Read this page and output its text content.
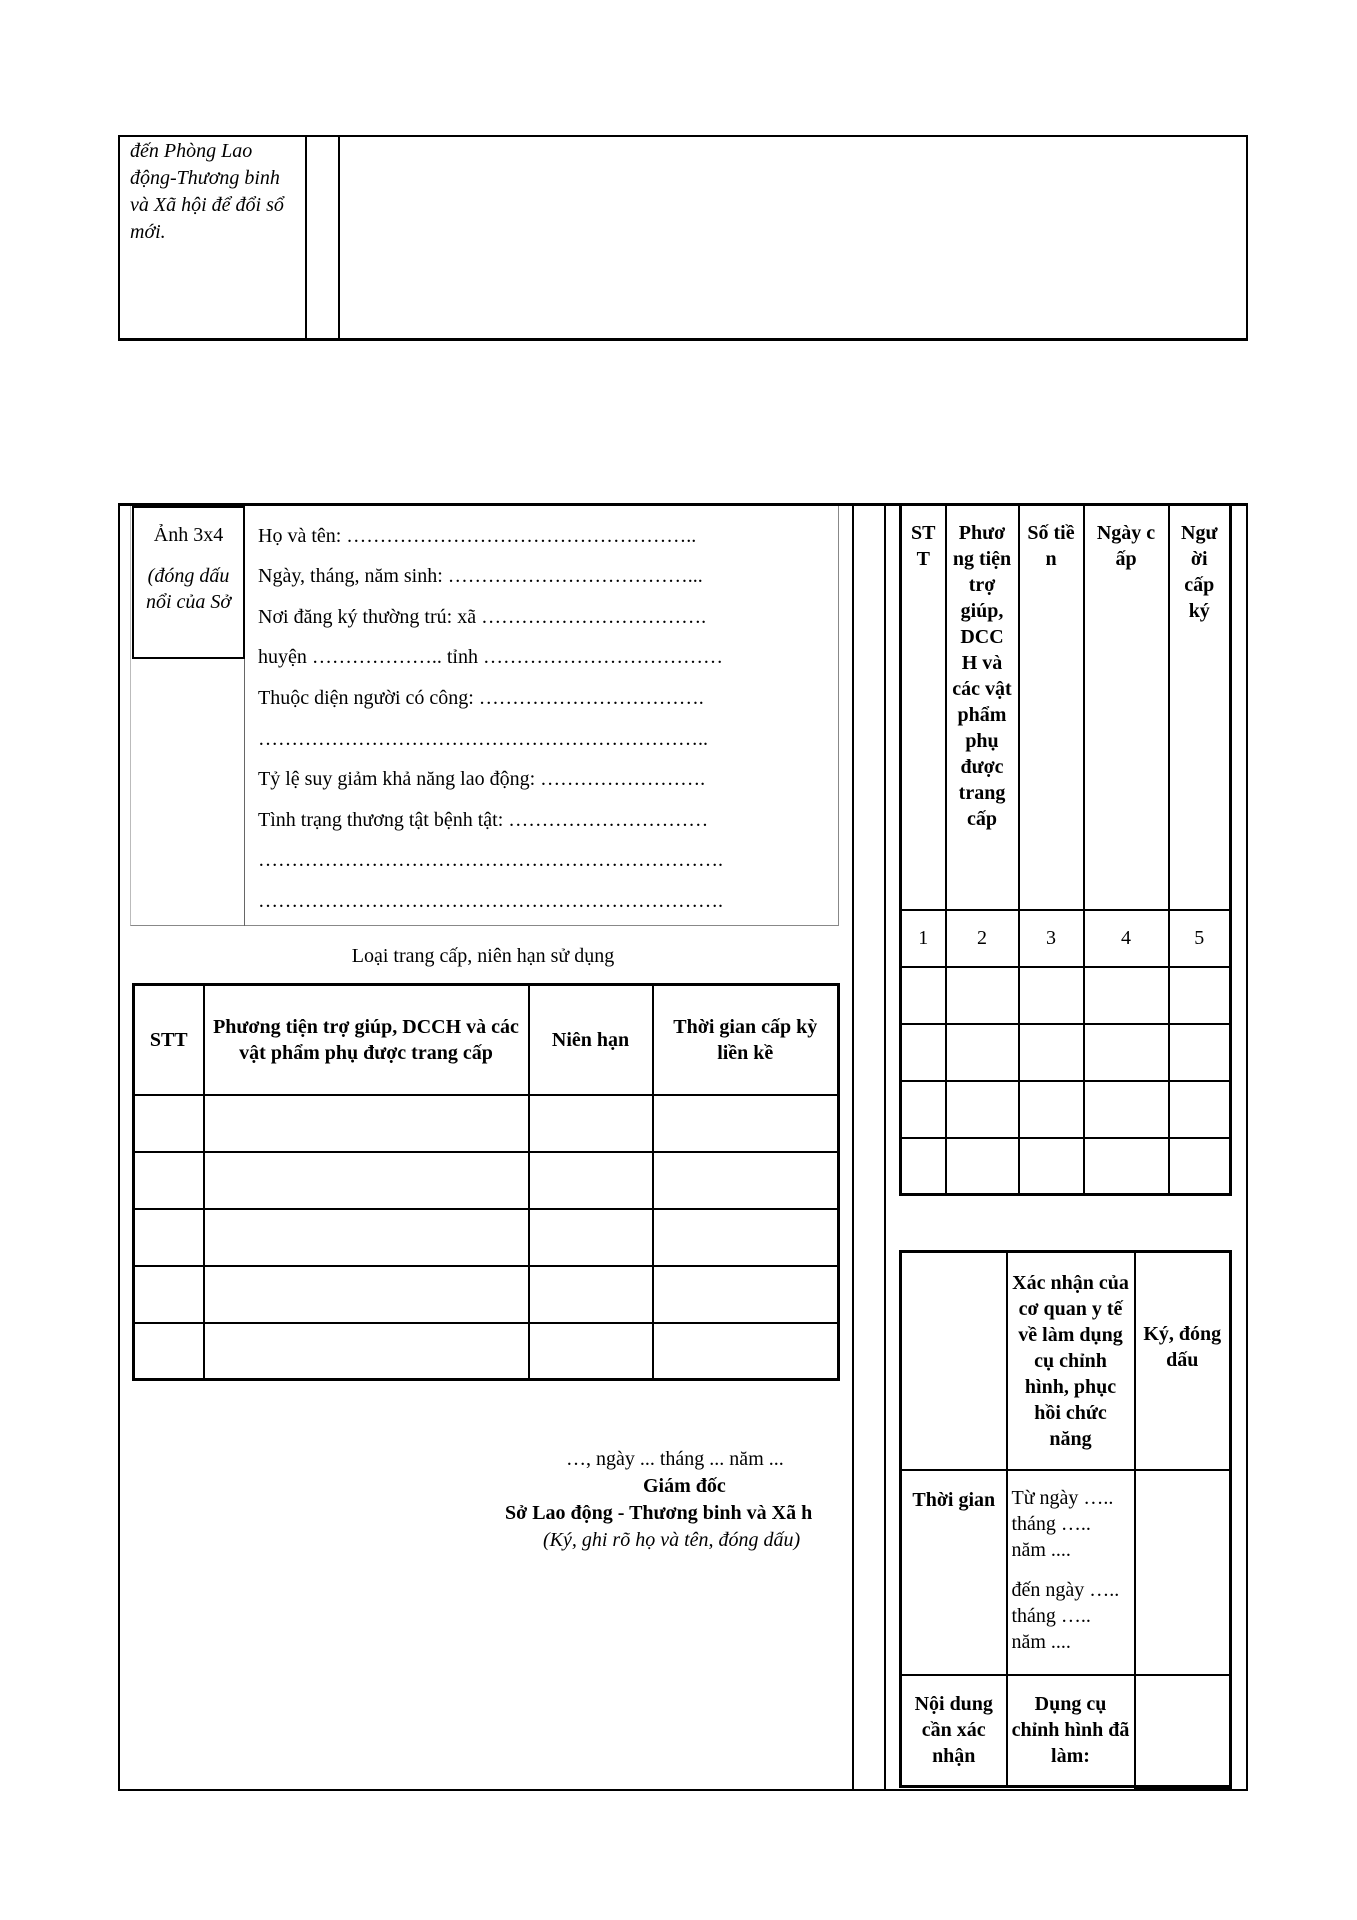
đến Phòng Lao động-Thương binh và Xã hội để đổi sổ mới.
Ảnh 3x4
(đóng dấu nổi của Sở
Họ và tên: ……………………………………………..
Ngày, tháng, năm sinh: ………………………………...
Nơi đăng ký thường trú: xã …………………………….
huyện ……………….. tỉnh ………………………………
Thuộc diện người có công: …………………………….
…………………………………………………………..
Tỷ lệ suy giảm khả năng lao động: …………………….
Tình trạng thương tật bệnh tật: …………………………
…………………………………………………………….
…………………………………………………………….
Loại trang cấp, niên hạn sử dụng
STT	Phương tiện trợ giúp, DCCH và các vật phẩm phụ được trang cấp	Niên hạn	Thời gian cấp kỳ liền kề

…, ngày ... tháng ... năm ...
Giám đốc
Sở Lao động - Thương binh và Xã h
(Ký, ghi rõ họ và tên, đóng dấu)
ST T	Phươ ng tiện trợ giúp, DCC H và các vật phẩm phụ được trang cấp	Số tiề n	Ngày c ấp	Ngư ời cấp ký
1	2	3	4	5

	Xác nhận của cơ quan y tế về làm dụng cụ chỉnh hình, phục hồi chức năng	Ký, đóng dấu
Thời gian	Từ ngày ….. tháng ….. năm ....
đến ngày ….. tháng ….. năm ....	

Nội dung cần xác nhận	Dụng cụ chỉnh hình đã làm:	
